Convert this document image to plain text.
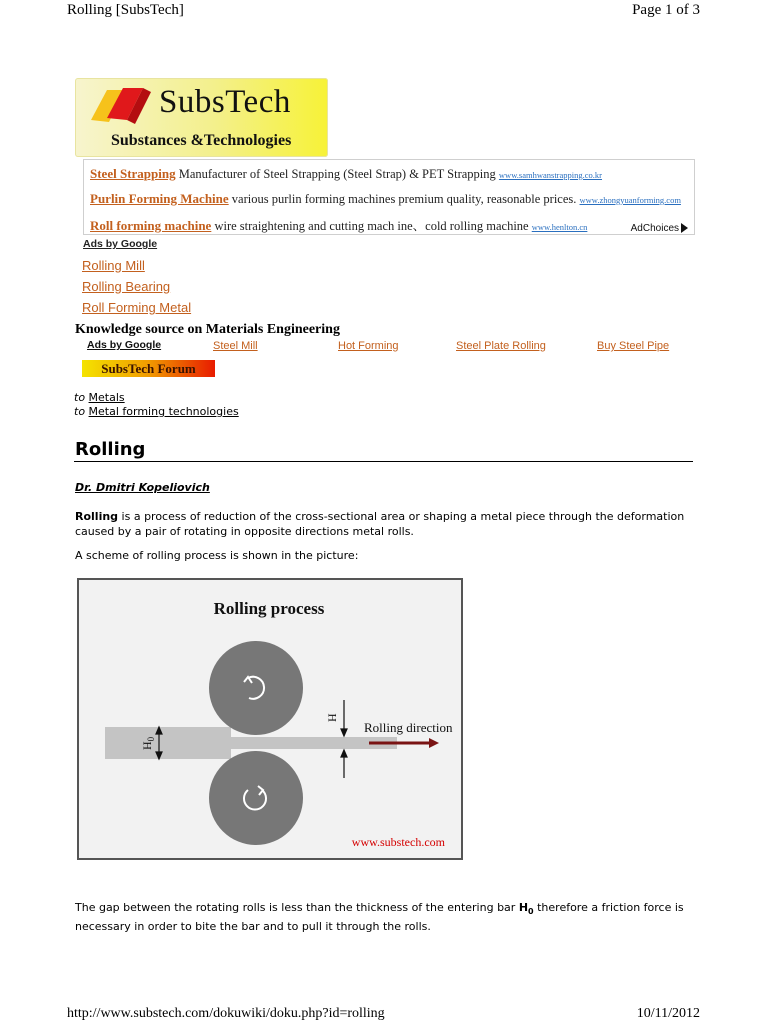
Rolling [SubsTech]	Page 1 of 3
SubsTech
Substances &Technologies
Steel Strapping Manufacturer of Steel Strapping (Steel Strap) & PET Strapping www.samhwanstrapping.co.kr
Purlin Forming Machine various purlin forming machines premium quality, reasonable prices. www.zhongyuanforming.com
Roll forming machine wire straightening and cutting mach ine、cold rolling machine www.henlton.cn	AdChoices
Ads by Google
Rolling Mill
Rolling Bearing
Roll Forming Metal
Knowledge source on Materials Engineering
Ads by Google	Steel Mill	Hot Forming	Steel Plate Rolling	Buy Steel Pipe
SubsTech Forum
to Metals
to Metal forming technologies
Rolling
Dr. Dmitri Kopeliovich
Rolling is a process of reduction of the cross-sectional area or shaping a metal piece through the deformation caused by a pair of rotating in opposite directions metal rolls.
A scheme of rolling process is shown in the picture:
Rolling process
$H_0$
H
Rolling direction
www.substech.com
The gap between the rotating rolls is less than the thickness of the entering bar $H_0$ therefore a friction force is necessary in order to bite the bar and to pull it through the rolls.
http://www.substech.com/dokuwiki/doku.php?id=rolling	10/11/2012
